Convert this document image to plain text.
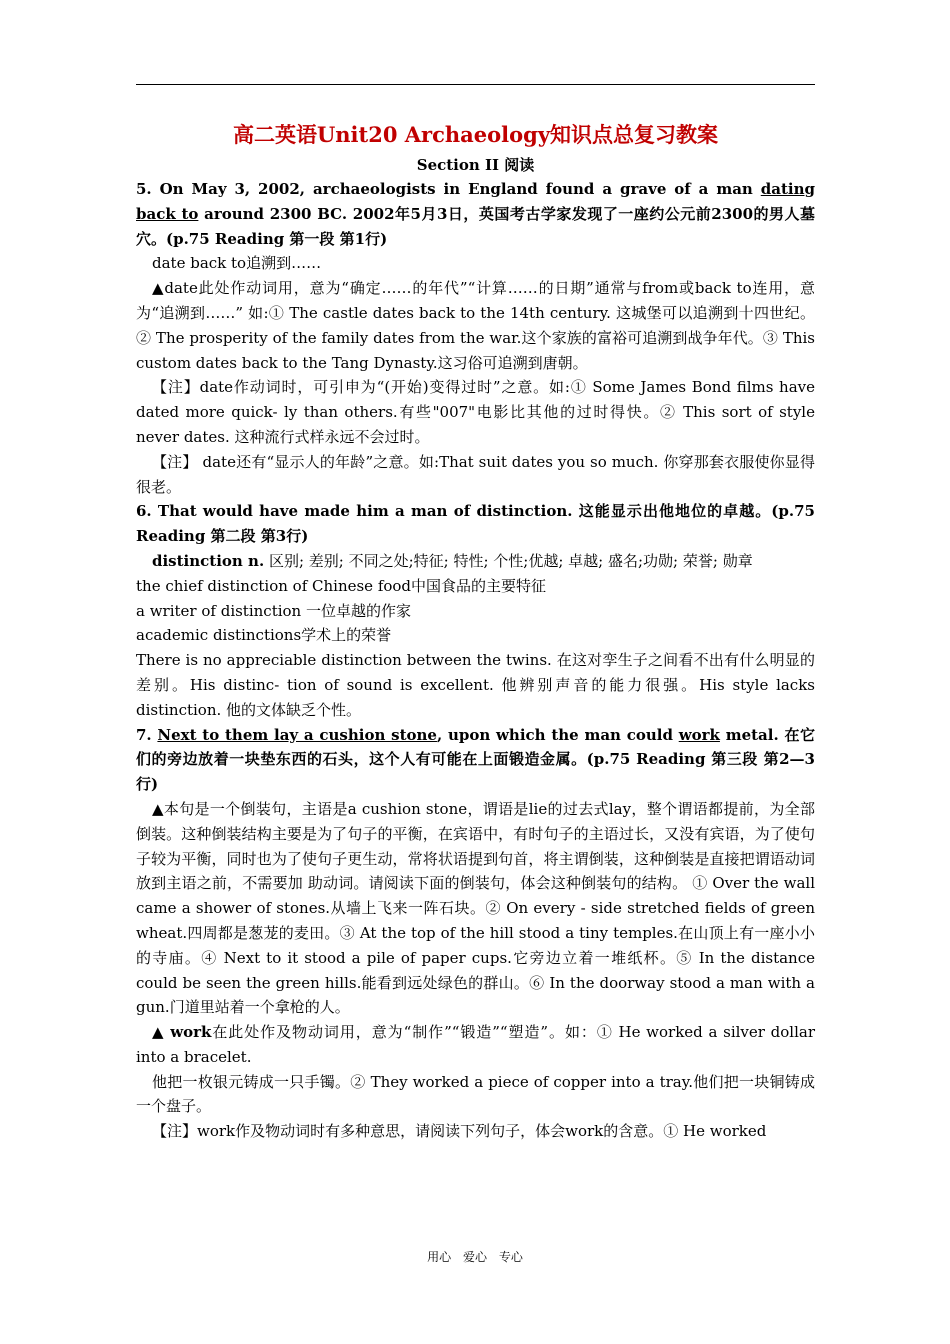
高二英语Unit20 Archaeology知识点总复习教案

Section II 阅读

5. On May 3, 2002, archaeologists in England found a grave of a man dating back to around 2300 BC. 2002年5月3日，英国考古学家发现了一座约公元前2300的男人墓穴。(p.75 Reading 第一段 第1行)

date back to追溯到……

▲date此处作动词用，意为“确定……的年代”“计算……的日期”通常与from或back to连用，意为“追溯到……” 如:① The castle dates back to the 14th century. 这城堡可以追溯到十四世纪。② The prosperity of the family dates from the war.这个家族的富裕可追溯到战争年代。③ This custom dates back to the Tang Dynasty.这习俗可追溯到唐朝。

【注】date作动词时，可引申为“(开始)变得过时”之意。如:① Some James Bond films have dated more quick- ly than others.有些"007"电影比其他的过时得快。② This sort of style never dates. 这种流行式样永远不会过时。

【注】 date还有“显示人的年龄”之意。如:That suit dates you so much. 你穿那套衣服使你显得很老。

6. That would have made him a man of distinction. 这能显示出他地位的卓越。(p.75 Reading 第二段 第3行)

distinction n. 区别; 差别; 不同之处;特征; 特性; 个性;优越; 卓越; 盛名;功勋; 荣誉; 勋章

the chief distinction of Chinese food中国食品的主要特征

a writer of distinction 一位卓越的作家

academic distinctions学术上的荣誉

There is no appreciable distinction between the twins. 在这对孪生子之间看不出有什么明显的差别。His distinc- tion of sound is excellent. 他辨别声音的能力很强。His style lacks distinction. 他的文体缺乏个性。

7. Next to them lay a cushion stone, upon which the man could work metal. 在它们的旁边放着一块垫东西的石头，这个人有可能在上面锻造金属。(p.75 Reading 第三段 第2—3行)

▲本句是一个倒装句，主语是a cushion stone，谓语是lie的过去式lay，整个谓语都提前，为全部倒装。这种倒装结构主要是为了句子的平衡，在宾语中，有时句子的主语过长，又没有宾语，为了使句子较为平衡，同时也为了使句子更生动，常将状语提到句首，将主谓倒装，这种倒装是直接把谓语动词放到主语之前，不需要加 助动词。请阅读下面的倒装句，体会这种倒装句的结构。 ① Over the wall came a shower of stones.从墙上飞来一阵石块。② On every - side stretched fields of green wheat.四周都是葱茏的麦田。③ At the top of the hill stood a tiny temples.在山顶上有一座小小的寺庙。④ Next to it stood a pile of paper cups.它旁边立着一堆纸杯。⑤ In the distance could be seen the green hills.能看到远处绿色的群山。⑥ In the doorway stood a man with a gun.门道里站着一个拿枪的人。

▲ work在此处作及物动词用，意为“制作”“锻造”“塑造”。如：① He worked a silver dollar into a bracelet.

他把一枚银元铸成一只手镯。② They worked a piece of copper into a tray.他们把一块铜铸成一个盘子。

【注】work作及物动词时有多种意思，请阅读下列句子，体会work的含意。① He worked

用心 爱心 专心
